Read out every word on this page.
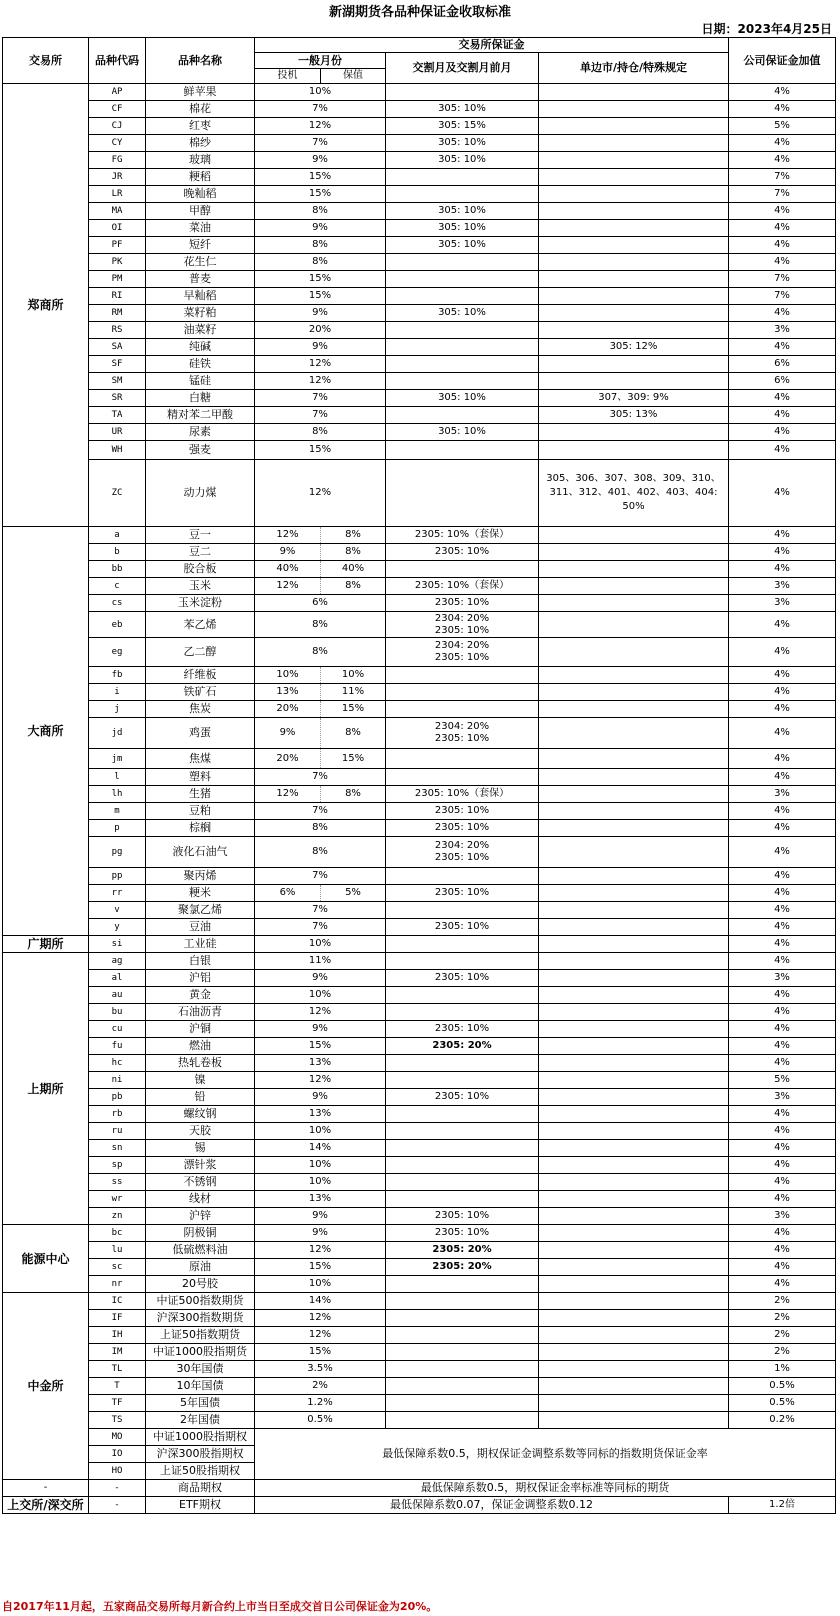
新湖期货各品种保证金收取标准
日期：2023年4月25日
交易所	品种代码	品种名称	交易所保证金				公司保证金加值
			一般月份		交割月及交割月前月	单边市/持仓/特殊规定	
			投机	保值			
郑商所	AP	鲜苹果	10%				4%
	CF	棉花	7%		305: 10%		4%
	CJ	红枣	12%		305: 15%		5%
	CY	棉纱	7%		305: 10%		4%
	FG	玻璃	9%		305: 10%		4%
	JR	粳稻	15%				7%
	LR	晚籼稻	15%				7%
	MA	甲醇	8%		305: 10%		4%
	OI	菜油	9%		305: 10%		4%
	PF	短纤	8%		305: 10%		4%
	PK	花生仁	8%				4%
	PM	普麦	15%				7%
	RI	早籼稻	15%				7%
	RM	菜籽粕	9%		305: 10%		4%
	RS	油菜籽	20%				3%
	SA	纯碱	9%			305: 12%	4%
	SF	硅铁	12%				6%
	SM	锰硅	12%				6%
	SR	白糖	7%		305: 10%	307、309: 9%	4%
	TA	精对苯二甲酸	7%			305: 13%	4%
	UR	尿素	8%		305: 10%		4%
	WH	强麦	15%				4%
	ZC	动力煤	12%			305、306、307、308、309、310、311、312、401、402、403、404: 50%	4%
大商所	a	豆一	12%	8%	2305: 10%（套保）		4%
	b	豆二	9%	8%	2305: 10%		4%
	bb	胶合板	40%	40%			4%
	c	玉米	12%	8%	2305: 10%（套保）		3%
	cs	玉米淀粉	6%		2305: 10%		3%
	eb	苯乙烯	8%		2304: 20%
2305: 10%		4%
	eg	乙二醇	8%		2304: 20%
2305: 10%		4%
	fb	纤维板	10%	10%			4%
	i	铁矿石	13%	11%			4%
	j	焦炭	20%	15%			4%
	jd	鸡蛋	9%	8%	2304: 20%
2305: 10%		4%
	jm	焦煤	20%	15%			4%
	l	塑料	7%				4%
	lh	生猪	12%	8%	2305: 10%（套保）		3%
	m	豆粕	7%		2305: 10%		4%
	p	棕榈	8%		2305: 10%		4%
	pg	液化石油气	8%		2304: 20%
2305: 10%		4%
	pp	聚丙烯	7%				4%
	rr	粳米	6%	5%	2305: 10%		4%
	v	聚氯乙烯	7%				4%
	y	豆油	7%		2305: 10%		4%
广期所	si	工业硅	10%				4%
上期所	ag	白银	11%				4%
	al	沪铝	9%		2305: 10%		3%
	au	黄金	10%				4%
	bu	石油沥青	12%				4%
	cu	沪铜	9%		2305: 10%		4%
	fu	燃油	15%		2305: 20%		4%
	hc	热轧卷板	13%				4%
	ni	镍	12%				5%
	pb	铅	9%		2305: 10%		3%
	rb	螺纹钢	13%				4%
	ru	天胶	10%				4%
	sn	锡	14%				4%
	sp	漂针浆	10%				4%
	ss	不锈钢	10%				4%
	wr	线材	13%				4%
	zn	沪锌	9%		2305: 10%		3%
能源中心	bc	阴极铜	9%		2305: 10%		4%
	lu	低硫燃料油	12%		2305: 20%		4%
	sc	原油	15%		2305: 20%		4%
	nr	20号胶	10%				4%
中金所	IC	中证500指数期货	14%				2%
	IF	沪深300指数期货	12%				2%
	IH	上证50指数期货	12%				2%
	IM	中证1000股指期货	15%				2%
	TL	30年国债	3.5%				1%
	T	10年国债	2%				0.5%
	TF	5年国债	1.2%				0.5%
	TS	2年国债	0.5%				0.2%
	MO	中证1000股指期权	最低保障系数0.5，期权保证金调整系数等同标的指数期货保证金率				
	IO	沪深300股指期权					
	HO	上证50股指期权					
-	-	商品期权	最低保障系数0.5，期权保证金率标准等同标的期货				
上交所/深交所	-	ETF期权	最低保障系数0.07，保证金调整系数0.12				1.2倍
自2017年11月起，五家商品交易所每月新合约上市当日至成交首日公司保证金为20%。
